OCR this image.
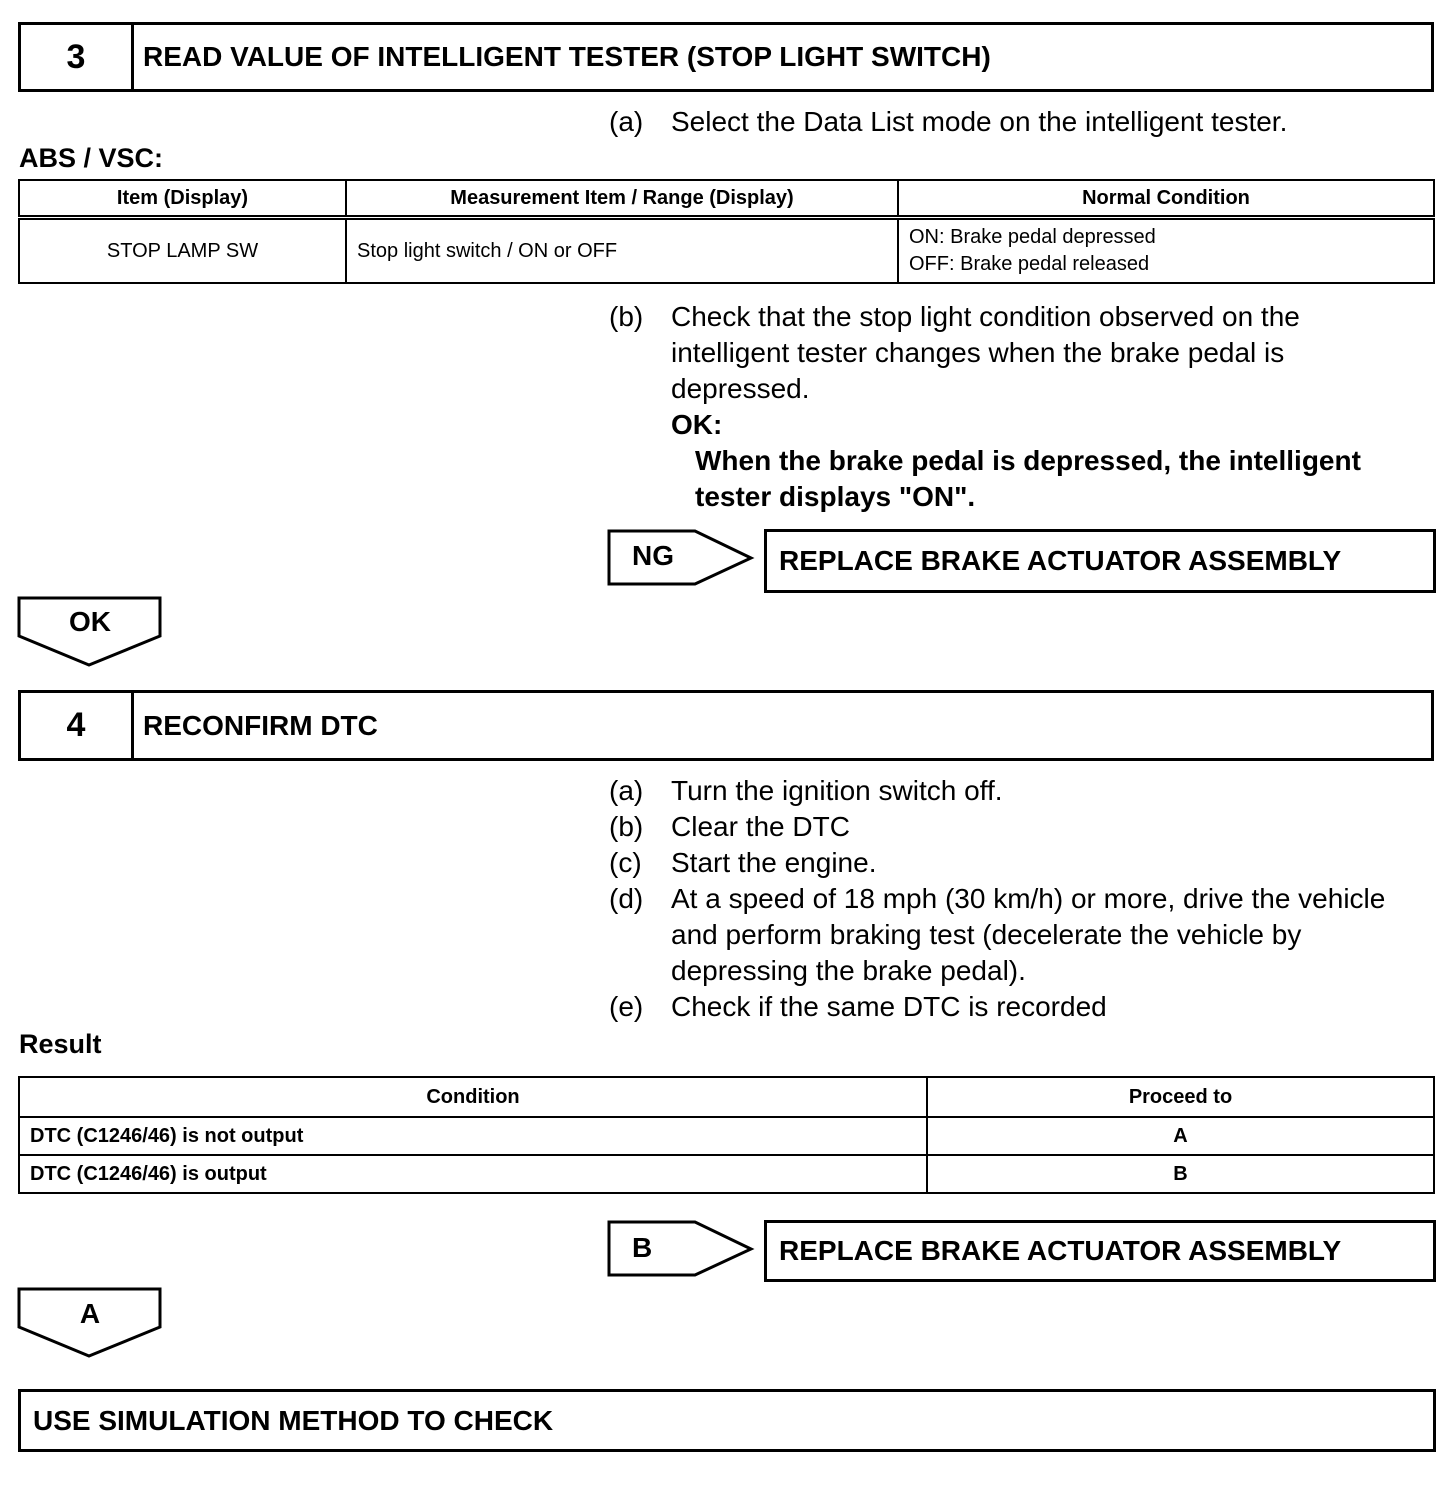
3	READ VALUE OF INTELLIGENT TESTER (STOP LIGHT SWITCH)
(a) Select the Data List mode on the intelligent tester.
ABS / VSC:
Item (Display)	Measurement Item / Range (Display)	Normal Condition
STOP LAMP SW	Stop light switch / ON or OFF	ON: Brake pedal depressed
OFF: Brake pedal released
(b) Check that the stop light condition observed on the intelligent tester changes when the brake pedal is depressed.
OK:
When the brake pedal is depressed, the intelligent tester displays "ON".
NG	REPLACE BRAKE ACTUATOR ASSEMBLY
OK
4	RECONFIRM DTC
(a) Turn the ignition switch off.
(b) Clear the DTC
(c) Start the engine.
(d) At a speed of 18 mph (30 km/h) or more, drive the vehicle and perform braking test (decelerate the vehicle by depressing the brake pedal).
(e) Check if the same DTC is recorded
Result
Condition	Proceed to
DTC (C1246/46) is not output	A
DTC (C1246/46) is output	B
B	REPLACE BRAKE ACTUATOR ASSEMBLY
A
USE SIMULATION METHOD TO CHECK
